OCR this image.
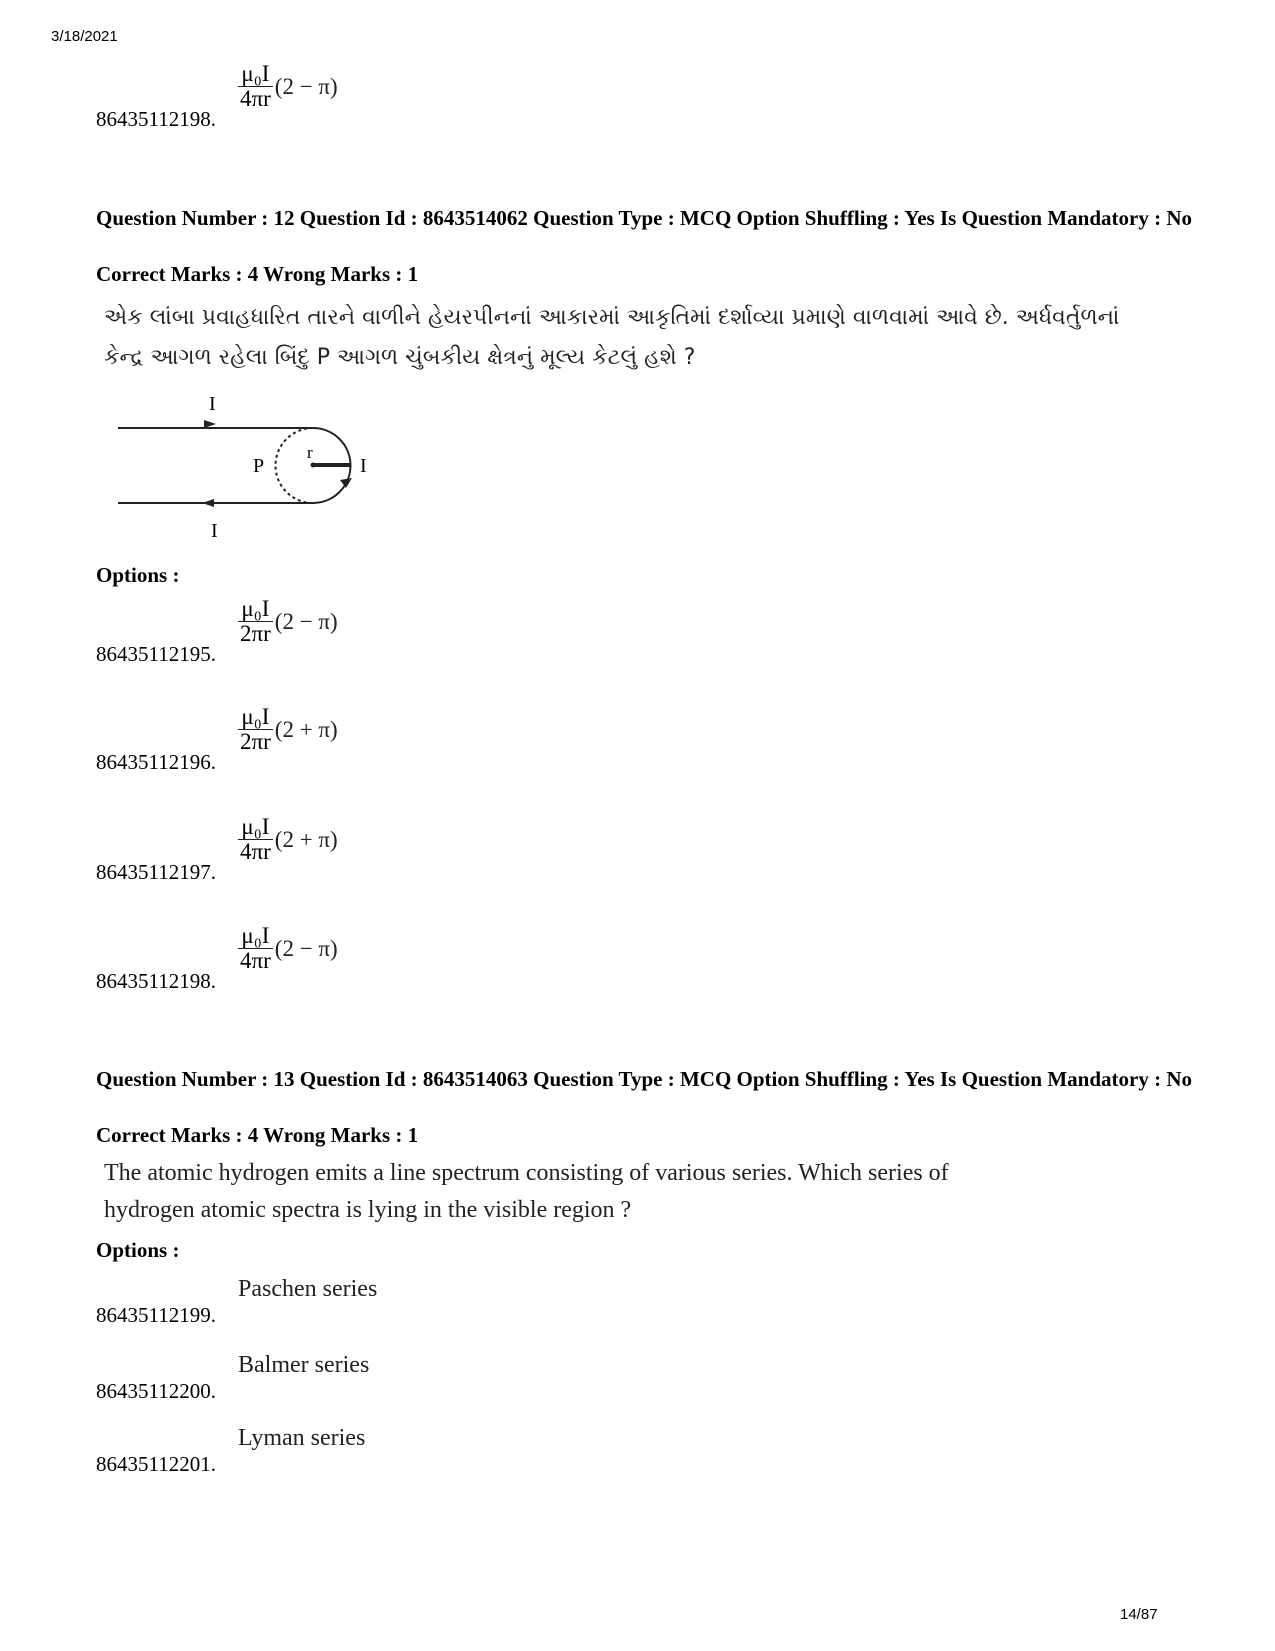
3/18/2021
86435112198.
$\frac{\text{μ₀I}}{4\pi r} (2 - \pi)$
Question Number : 12 Question Id : 8643514062 Question Type : MCQ Option Shuffling : Yes Is Question Mandatory : No
Correct Marks : 4 Wrong Marks : 1
એક લાંબા પ્રવાહધારિત તારને વાળીને હેયરપીનનાં આકારમાં આકૃતિમાં દર્શાવ્યા પ્રમાણે વાળવામાં આવે છે. અર્ધવર્તુળનાં
કેન્દ્ર આગળ રહેલા બિંદુ P આગળ ચુંબકીય ક્ષેત્રનું મૂલ્ય કેટલું હશે ?
I
I
I
P
r
Options :
86435112195.
$\frac{\text{μ₀I}}{2\pi r} (2 - \pi)$
86435112196.
$\frac{\text{μ₀I}}{2\pi r} (2 + \pi)$
86435112197.
$\frac{\text{μ₀I}}{4\pi r} (2 + \pi)$
86435112198.
$\frac{\text{μ₀I}}{4\pi r} (2 - \pi)$
Question Number : 13 Question Id : 8643514063 Question Type : MCQ Option Shuffling : Yes Is Question Mandatory : No
Correct Marks : 4 Wrong Marks : 1
The atomic hydrogen emits a line spectrum consisting of various series. Which series of
hydrogen atomic spectra is lying in the visible region ?
Options :
86435112199.
Paschen series
86435112200.
Balmer series
86435112201.
Lyman series
14/87
